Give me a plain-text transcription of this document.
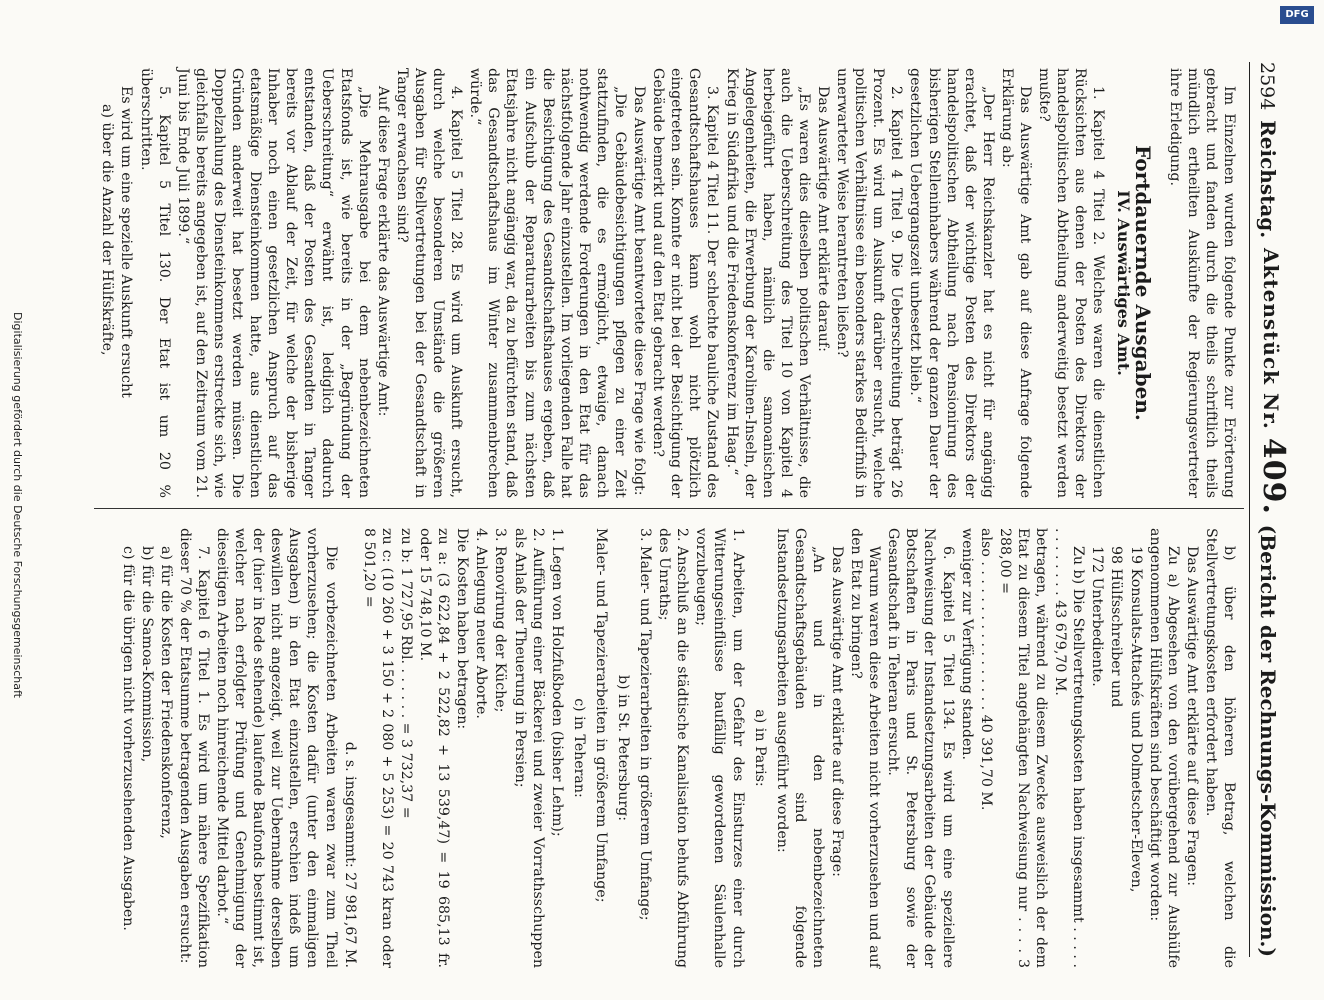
2594
Reichstag.
Aktenstück Nr. 409.
(Bericht der Rechnungs-Kommission.)

Im Einzelnen wurden folgende Punkte zur Erörterung gebracht und fanden durch die theils schriftlich theils mündlich ertheilten Auskünfte der Regierungsvertreter ihre Erledigung.

Fortdauernde Ausgaben.

IV. Auswärtiges Amt.

1. Kapitel 4 Titel 2. Welches waren die dienstlichen Rücksichten aus denen der Posten des Direktors der handelspolitischen Abtheilung anderweitig besetzt werden mußte?

Das Auswärtige Amt gab auf diese Anfrage folgende Erklärung ab:

„Der Herr Reichskanzler hat es nicht für angängig erachtet, daß der wichtige Posten des Direktors der handelspolitischen Abtheilung nach Pensionirung des bisherigen Stelleninhabers während der ganzen Dauer der gesetzlichen Uebergangszeit unbesetzt blieb.“

2. Kapitel 4 Titel 9. Die Ueberschreitung beträgt 26 Prozent. Es wird um Auskunft darüber ersucht, welche politischen Verhältnisse ein besonders starkes Bedürfniß in unerwarteter Weise herantreten ließen?

Das Auswärtige Amt erklärte darauf:

„Es waren dies dieselben politischen Verhältnisse, die auch die Ueberschreitung des Titel 10 von Kapitel 4 herbeigeführt haben, nämlich die samoanischen Angelegenheiten, die Erwerbung der Karolinen-Inseln, der Krieg in Südafrika und die Friedenskonferenz im Haag.“

3. Kapitel 4 Titel 11. Der schlechte bauliche Zustand des Gesandtschaftshauses kann wohl nicht plötzlich eingetreten sein. Konnte er nicht bei der Besichtigung der Gebäude bemerkt und auf den Etat gebracht werden?

Das Auswärtige Amt beantwortete diese Frage wie folgt:

„Die Gebäudebesichtigungen pflegen zu einer Zeit stattzufinden, die es ermöglicht, etwaige, danach nothwendig werdende Forderungen in den Etat für das nächstfolgende Jahr einzustellen. Im vorliegenden Falle hat die Besichtigung des Gesandtschaftshauses ergeben, daß ein Aufschub der Reparaturarbeiten bis zum nächsten Etatsjahre nicht angängig war, da zu befürchten stand, daß das Gesandtschaftshaus im Winter zusammenbrechen würde.“

4. Kapitel 5 Titel 28. Es wird um Auskunft ersucht, durch welche besonderen Umstände die größeren Ausgaben für Stellvertretungen bei der Gesandtschaft in Tanger erwachsen sind?

Auf diese Frage erklärte das Auswärtige Amt:

„Die Mehrausgabe bei dem nebenbezeichneten Etatsfonds ist, wie bereits in der „Begründung der Ueberschreitung“ erwähnt ist, lediglich dadurch entstanden, daß der Posten des Gesandten in Tanger bereits vor Ablauf der Zeit, für welche der bisherige Inhaber noch einen gesetzlichen Anspruch auf das etatsmäßige Diensteinkommen hatte, aus dienstlichen Gründen anderweit hat besetzt werden müssen. Die Doppelzahlung des Diensteinkommens erstreckte sich, wie gleichfalls bereits angegeben ist, auf den Zeitraum vom 21. Juni bis Ende Juli 1899.“

5. Kapitel 5 Titel 130. Der Etat ist um 20 % überschritten.

Es wird um eine spezielle Auskunft ersucht

a) über die Anzahl der Hülfskräfte,

b) über den höheren Betrag, welchen die Stellvertretungskosten erfordert haben.

Das Auswärtige Amt erklärte auf diese Fragen:

Zu a) Abgesehen von den vorübergehend zur Aushülfe angenommenen Hülfskräften sind beschäftigt worden:

19 Konsulats-Attachés und Dolmetscher-Eleven,

98 Hülfsschreiber und

172 Unterbediente.

Zu b) Die Stellvertretungskosten haben insgesammt . . . . . . . . . . . . . 43 679,70 M.

betragen, während zu diesem Zwecke ausweislich der dem Etat zu diesem Titel angehängten Nachweisung nur . . . . 3 288,00 =

also . . . . . . . . . . . . . . . . . 40 391,70 M.

weniger zur Verfügung standen.

6. Kapitel 5 Titel 134. Es wird um eine speziellere Nachweisung der Instandsetzungsarbeiten der Gebäude der Botschaften in Paris und St. Petersburg sowie der Gesandtschaft in Teheran ersucht.

Warum waren diese Arbeiten nicht vorherzusehen und auf den Etat zu bringen?

Das Auswärtige Amt erklärte auf diese Frage:

„An und in den nebenbezeichneten Gesandtschaftsgebäuden sind folgende Instandsetzungsarbeiten ausgeführt worden:

a) in Paris:

1. Arbeiten, um der Gefahr des Einsturzes einer durch Witterungseinflüsse baufällig gewordenen Säulenhalle vorzubeugen;

2. Anschluß an die städtische Kanalisation behufs Abführung des Unraths;

3. Maler- und Tapezierarbeiten in größerem Umfange;

b) in St. Petersburg:

Maler- und Tapezierarbeiten in größerem Umfange;

c) in Teheran:

1. Legen von Holzfußboden (bisher Lehm);

2. Aufführung einer Bäckerei und zweier Vorrathsschuppen als Anlaß der Theuerung in Persien;

3. Renovirung der Küche;

4. Anlegung neuer Aborte.

Die Kosten haben betragen:

zu a: (3 622,84 + 2 522,82 + 13 539,47) = 19 685,13 fr. oder 15 748,10 M.

zu b: 1 727,95 Rbl. . . . . . . = 3 732,37 =

zu c: (10 260 + 3 150 + 2 080 + 5 253) = 20 743 kran oder 8 501,20 =

d. s. insgesammt: 27 981,67 M.

Die vorbezeichneten Arbeiten waren zwar zum Theil vorherzusehen; die Kosten dafür (unter den einmaligen Ausgaben) in den Etat einzustellen, erschien indeß um deswillen nicht angezeigt, weil zur Uebernahme derselben der (hier in Rede stehende) laufende Baufonds bestimmt ist, welcher nach erfolgter Prüfung und Genehmigung der dieseitigen Arbeiten noch hinreichende Mittel darbot.“

7. Kapitel 6 Titel 1. Es wird um nähere Spezifikation dieser 70 % der Etatsumme betragenden Ausgaben ersucht:

a) für die Kosten der Friedenskonferenz,

b) für die Samoa-Kommission,

c) für die übrigen nicht vorherzusehenden Ausgaben.

Digitalisierung gefördert durch die Deutsche Forschungsgemeinschaft
DFG
